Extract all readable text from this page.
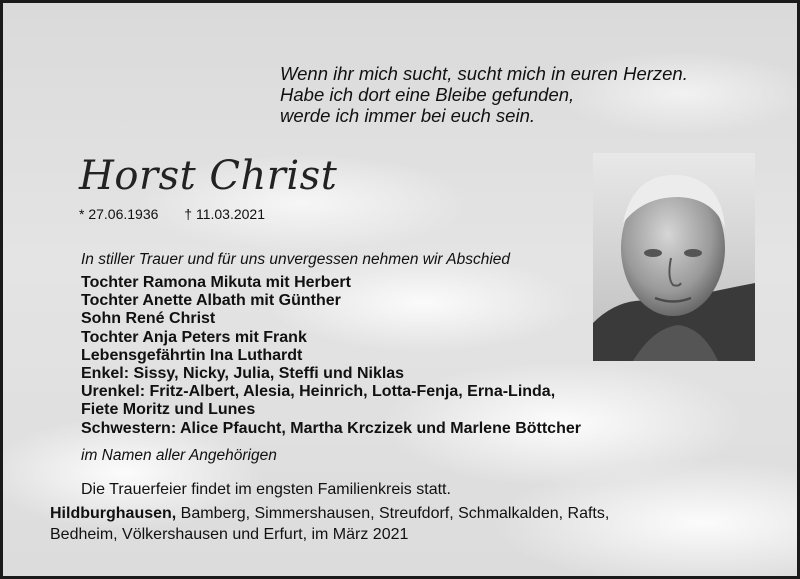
Wenn ihr mich sucht, sucht mich in euren Herzen.
Habe ich dort eine Bleibe gefunden,
werde ich immer bei euch sein.
Horst Christ
* 27.06.1936 † 11.03.2021
In stiller Trauer und für uns unvergessen nehmen wir Abschied
Tochter Ramona Mikuta mit Herbert
Tochter Anette Albath mit Günther
Sohn René Christ
Tochter Anja Peters mit Frank
Lebensgefährtin Ina Luthardt
Enkel: Sissy, Nicky, Julia, Steffi und Niklas
Urenkel: Fritz-Albert, Alesia, Heinrich, Lotta-Fenja, Erna-Linda,
Fiete Moritz und Lunes
Schwestern: Alice Pfaucht, Martha Krczizek und Marlene Böttcher
im Namen aller Angehörigen
Die Trauerfeier findet im engsten Familienkreis statt.
Hildburghausen, Bamberg, Simmershausen, Streufdorf, Schmalkalden, Rafts,
Bedheim, Völkershausen und Erfurt, im März 2021
